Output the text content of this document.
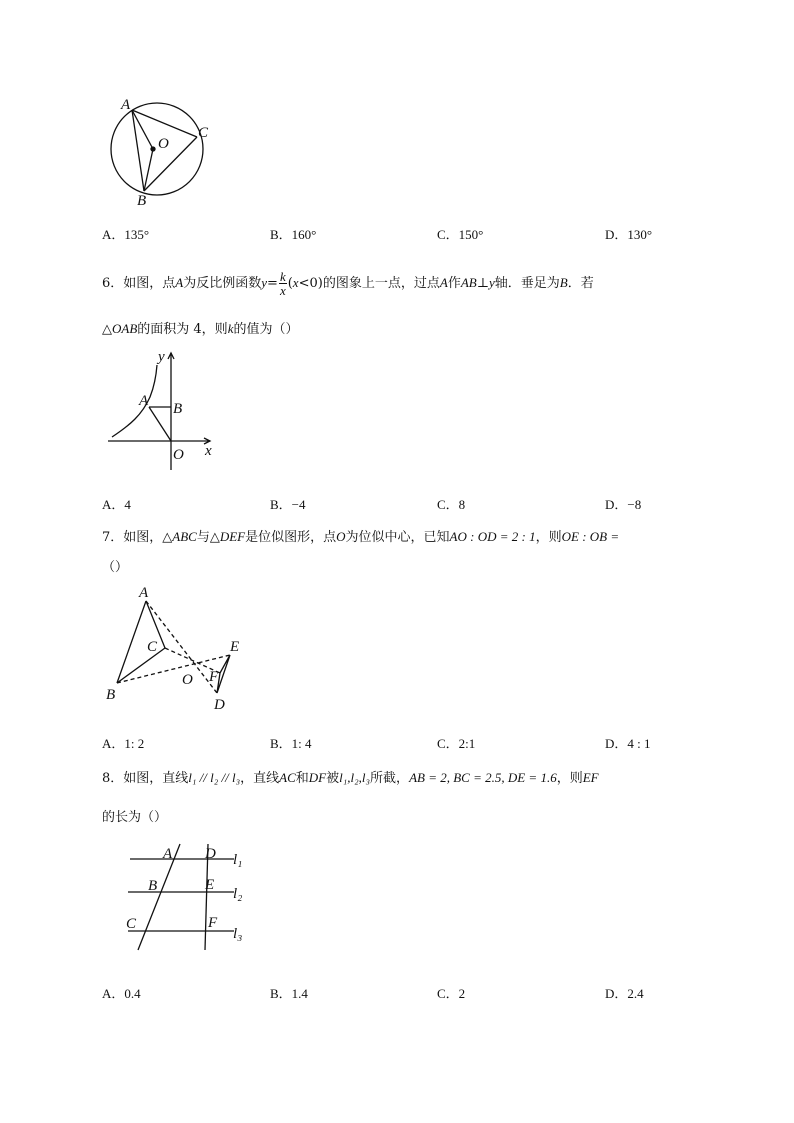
A
O
C
B
A．135°	B．160°	C．150°	D．130°
6．如图，点A为反比例函数$y= \frac{k}{x} (x<0)$的图象上一点，过点A作AB⊥y轴．垂足为B．若
△OAB的面积为 4，则k的值为（）
y
A B
O x
A．4	B．−4	C．8	D．−8
7．如图，△ABC与△DEF是位似图形，点O为位似中心，已知AO : OD = 2 : 1，则OE : OB =
（）
A
C	E
B
O F
D
A．1: 2	B．1: 4	C．2:1	D．4 : 1
8．如图，直线l₁ // l₂ // l₃，直线AC和DF被l₁,l₂,l₃所截，AB = 2, BC = 2.5, DE = 1.6，则EF
的长为（）
A D l₁
B	E
l₂
C	F
l₃
A．0.4	B．1.4	C．2	D．2.4
